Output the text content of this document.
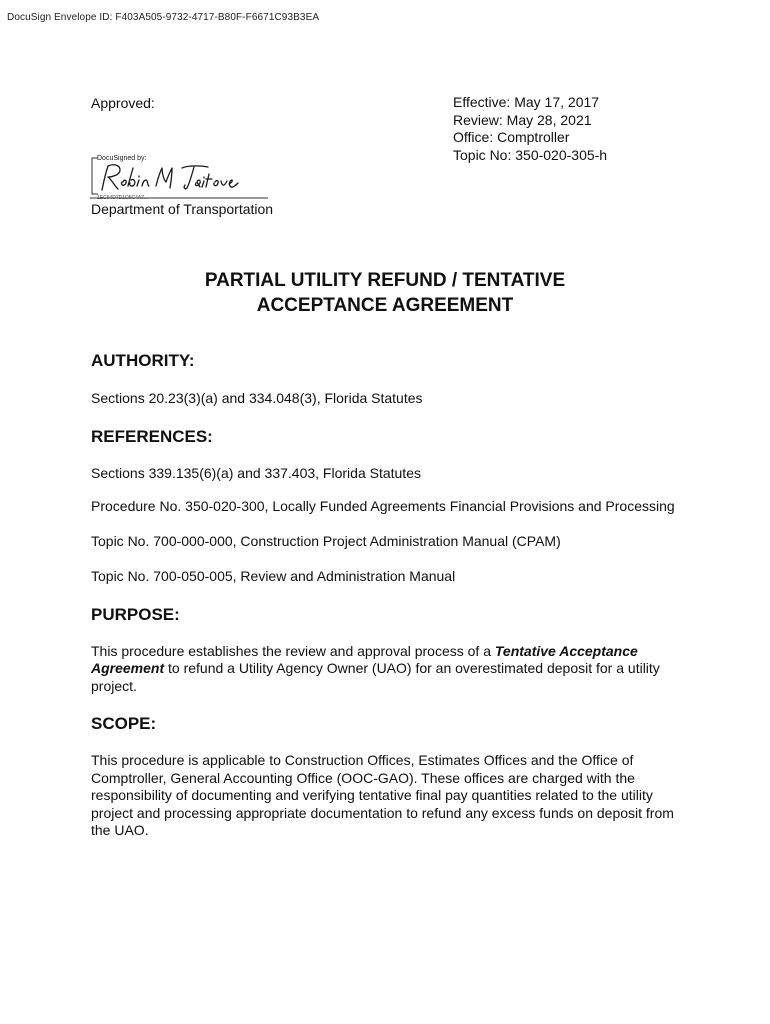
DocuSign Envelope ID: F403A505-9732-4717-B80F-F6671C93B3EA
Approved:
DocuSigned by:
1EC64D7D1D5C4A7...
Department of Transportation
Effective: May 17, 2017
Review: May 28, 2021
Office: Comptroller
Topic No: 350-020-305-h
PARTIAL UTILITY REFUND / TENTATIVE
ACCEPTANCE AGREEMENT
AUTHORITY:

Sections 20.23(3)(a) and 334.048(3), Florida Statutes

REFERENCES:

Sections 339.135(6)(a) and 337.403, Florida Statutes

Procedure No. 350-020-300, Locally Funded Agreements Financial Provisions and Processing

Topic No. 700-000-000, Construction Project Administration Manual (CPAM)

Topic No. 700-050-005, Review and Administration Manual

PURPOSE:

This procedure establishes the review and approval process of a Tentative Acceptance Agreement to refund a Utility Agency Owner (UAO) for an overestimated deposit for a utility project.

SCOPE:

This procedure is applicable to Construction Offices, Estimates Offices and the Office of Comptroller, General Accounting Office (OOC-GAO). These offices are charged with the responsibility of documenting and verifying tentative final pay quantities related to the utility project and processing appropriate documentation to refund any excess funds on deposit from the UAO.
